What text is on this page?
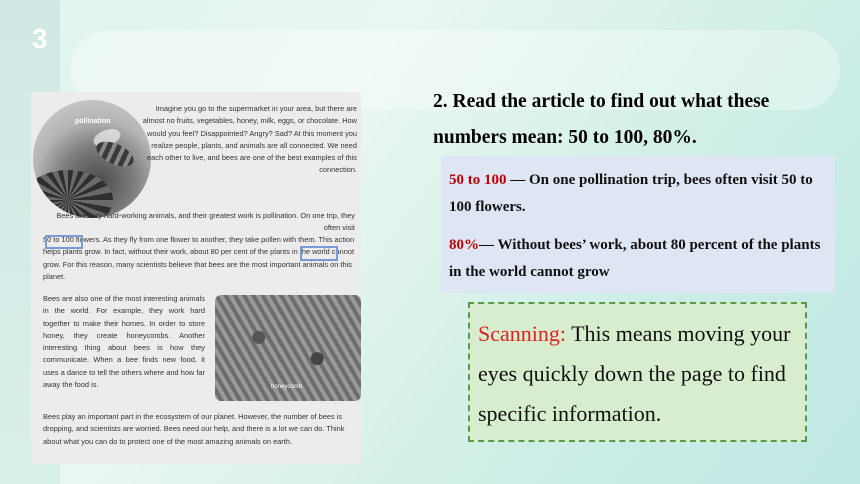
3
pollination

Imagine you go to the supermarket in your area, but there are almost no fruits, vegetables, honey, milk, eggs, or chocolate. How would you feel? Disappointed? Angry? Sad? At this moment you realize people, plants, and animals are all connected. We need each other to live, and bees are one of the best examples of this connection.

Bees are very hard-working animals, and their greatest work is pollination. On one trip, they often visit

50 to 100 flowers. As they fly from one flower to another, they take pollen with them. This action helps plants grow. In fact, without their work, about 80 per cent of the plants in the world cannot grow. For this reason, many scientists believe that bees are the most important animals on this planet.

Bees are also one of the most interesting animals in the world. For example, they work hard together to make their homes. In order to store honey, they create honeycombs. Another interesting thing about bees is how they communicate. When a bee finds new food, it uses a dance to tell the others where and how far away the food is.	honeycomb

Bees play an important part in the ecosystem of our planet. However, the number of bees is dropping, and scientists are worried. Bees need our help, and there is a lot we can do. Think about what you can do to protect one of the most amazing animals on earth.

2. Read the article to find out what these numbers mean: 50 to 100, 80%.
50 to 100 — On one pollination trip, bees often visit 50 to 100 flowers.
80%— Without bees’ work, about 80 percent of the plants in the world cannot grow
Scanning: This means moving your eyes quickly down the page to find specific information.
